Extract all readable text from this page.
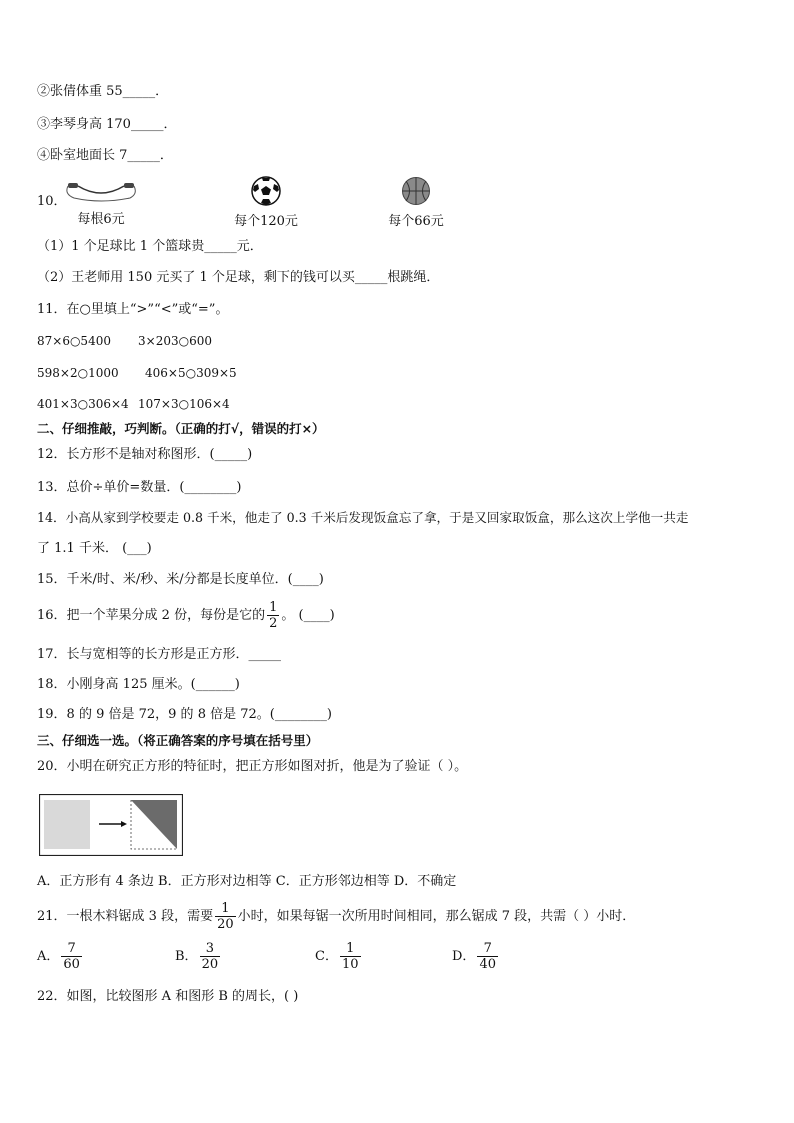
②张倩体重 55_____．
③李琴身高 170_____．
④卧室地面长 7_____．
10．
每根6元	每个120元	每个66元
（1）1 个足球比 1 个篮球贵_____元．
（2）王老师用 150 元买了 1 个足球，剩下的钱可以买_____根跳绳．
11．在○里填上“>”“<”或“=”。
87×6○5400 3×203○600
598×2○1000 406×5○309×5
401×3○306×4 107×3○106×4
二、仔细推敲，巧判断。（正确的打√，错误的打×）
12．长方形不是轴对称图形．(_____)
13．总价÷单价=数量．(________)
14．小高从家到学校要走 0.8 千米，他走了 0.3 千米后发现饭盒忘了拿，于是又回家取饭盒，那么这次上学他一共走
了 1.1 千米． (___)
15．千米/时、米/秒、米/分都是长度单位．(____)
16．把一个苹果分成 2 份，每份是它的 $\frac{1}{2}$ 。 (____)
17．长与宽相等的长方形是正方形．_____
18．小刚身高 125 厘米。(______)
19．8 的 9 倍是 72，9 的 8 倍是 72。(________)
三、仔细选一选。（将正确答案的序号填在括号里）
20．小明在研究正方形的特征时，把正方形如图对折，他是为了验证（ ）。
A．正方形有 4 条边 B．正方形对边相等 C．正方形邻边相等 D．不确定
21．一根木料锯成 3 段，需要 $\frac{1}{20}$ 小时，如果每锯一次所用时间相同，那么锯成 7 段，共需（ ）小时．
A． $\frac{7}{60}$	B． $\frac{3}{20}$	C． $\frac{1}{10}$	D． $\frac{7}{40}$
22．如图，比较图形 A 和图形 B 的周长，( )
